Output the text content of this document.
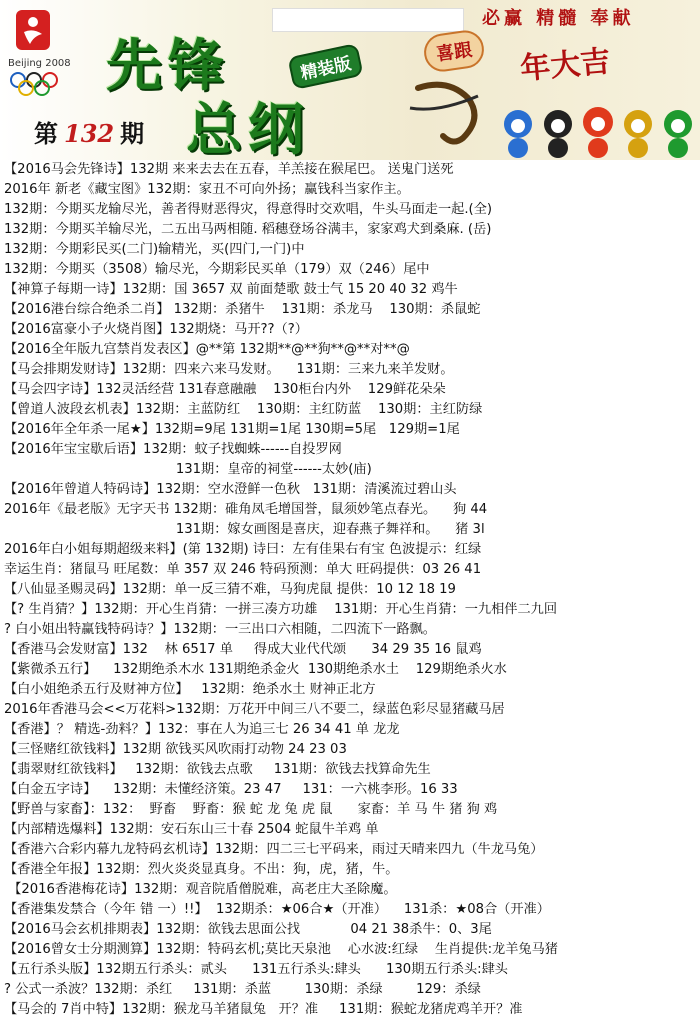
Beijing 2008
必赢 精髓 奉献
先锋	精装版
总纲
第 132 期
喜跟	年大吉
【2016马会先锋诗】132期 来来去去在五春，羊羔接在猴尾巴。 送鬼门送死
2016年 新老《藏宝图》132期：家丑不可向外扬；赢钱科当家作主。
132期：今期买龙输尽光，善者得财恶得灾，得意得时交欢唱，牛头马面走一起.(全)
132期：今期买羊输尽光，二五出马两相随. 稻穗登场谷满丰，家家鸡犬到桑麻. (岳)
132期：今期彩民买(二门)输精光，买(四门,一门)中
132期：今期买（3508）输尽光，今期彩民买单（179）双（246）尾中
【神算子每期一诗】132期：国 3657 双 前面楚歌 鼓士气 15 20 40 32 鸡牛
【2016港台综合绝杀二肖】 132期：杀猪牛    131期：杀龙马    130期：杀鼠蛇
【2016富豪小子火烧肖图】132期烧：马开??（?）
【2016全年版九宫禁肖发表区】@**第 132期**@**狗**@**对**@
【马会排期发财诗】132期：四来六来马发财。    131期：三来九来羊发财。
【马会四字诗】132灵活经营 131春意融融    130柜台内外    129鲜花朵朵
【曾道人波段玄机表】132期：主蓝防红    130期：主红防蓝    130期：主红防绿
【2016年全年杀一尾★】132期=9尾 131期=1尾 130期=5尾   129期=1尾
【2016年宝宝歇后语】132期：蚊子找蜘蛛------自投罗网
131期：皇帝的祠堂------太妙(庙)
【2016年曾道人特码诗】132期：空水澄鲜一色秋   131期：清溪流过碧山头
2016年《最老版》无字天书 132期：碓角凤毛增国誉，鼠须妙笔点春光。    狗 44
131期：嫁女画图是喜庆，迎春燕子舞祥和。    猪 3l
2016年白小姐每期超级来料】(第 132期) 诗曰：左有佳果右有宝 色波提示：红绿
幸运生肖：猪鼠马 旺尾数：单 357 双 246 特码预测：单大 旺码提供：03 26 41
【八仙显圣赐灵码】132期：单一反三猜不难，马狗虎鼠 提供：10 12 18 19
【? 生肖猜？】132期：开心生肖猜：一拼三凑方功雄    131期：开心生肖猜：一九相伴二九回
? 白小姐出特赢钱特码诗？】132期：一三出口六相随，二四流下一路飘。
【香港马会发财富】132    林 6517 单     得成大业代代颂      34 29 35 16 鼠鸡
【紫微杀五行】    132期绝杀木水 131期绝杀金火  130期绝杀水土    129期绝杀火水
【白小姐绝杀五行及财神方位】   132期：绝杀水土 财神正北方
2016年香港马会<<万花料>132期：万花开中间三八不要二，绿蓝色彩尽显猪藏马居
【香港】？ 精选-劲料？】132：事在人为追三七 26 34 41 单 龙龙
【三怪赌红欲钱料】132期 欲钱买风吹雨打动物 24 23 03
【翡翠财红欲钱料】   132期：欲钱去点歌     131期：欲钱去找算命先生
【白金五字诗】    132期：未懂经济策。23 47     131：一六桃李形。16 33
【野兽与家畜】：132：  野畜    野畜：猴 蛇 龙 兔 虎 鼠      家畜：羊 马 牛 猪 狗 鸡
【内部精选爆料】132期：安石东山三十春 2504 蛇鼠牛羊鸡 单
【香港六合彩内幕九龙特码玄机诗】132期：四二三七平码来，雨过天晴来四九（牛龙马兔）
【香港全年报】132期：烈火炎炎显真身。不出：狗，虎，猪，牛。
【2016香港梅花诗】132期：观音院盾僧脱难，高老庄大圣除魔。
【香港集发禁合（今年 错 一）!!】  132期杀：★06合★（开准）    131杀：★08合（开准）
【2016马会玄机排期表】132期：欲钱去思面公找            04 21 38杀牛：0、3尾
【2016曾女士分期测算】132期：特码玄机;莫比天泉池    心水波:红绿    生肖提供:龙羊兔马猪
【五行杀头版】132期五行杀头：贰头      131五行杀头:肆头      130期五行杀头:肆头
? 公式一杀波？132期：杀红     131期：杀蓝        130期：杀绿        129：杀绿
【马会的 7肖中特】132期：猴龙马羊猪鼠兔   开？准     131期：猴蛇龙猪虎鸡羊开？准
